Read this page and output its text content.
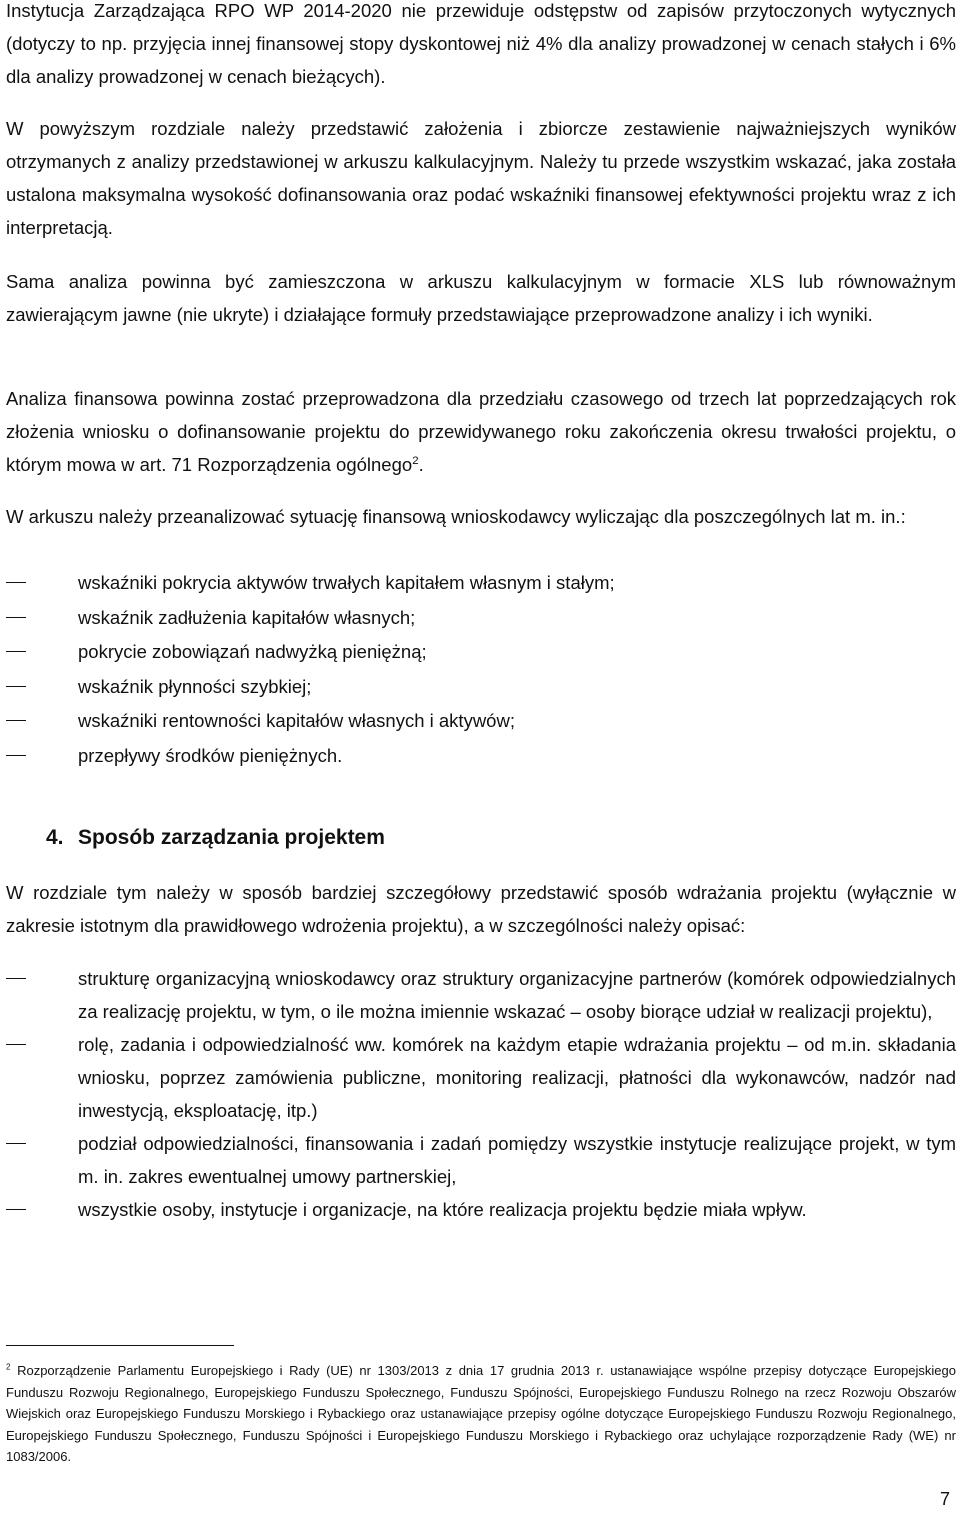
Instytucja Zarządzająca RPO WP 2014-2020 nie przewiduje odstępstw od zapisów przytoczonych wytycznych (dotyczy to np. przyjęcia innej finansowej stopy dyskontowej niż 4% dla analizy prowadzonej w cenach stałych i 6% dla analizy prowadzonej w cenach bieżących).

W powyższym rozdziale należy przedstawić założenia i zbiorcze zestawienie najważniejszych wyników otrzymanych z analizy przedstawionej w arkuszu kalkulacyjnym. Należy tu przede wszystkim wskazać, jaka została ustalona maksymalna wysokość dofinansowania oraz podać wskaźniki finansowej efektywności projektu wraz z ich interpretacją.

Sama analiza powinna być zamieszczona w arkuszu kalkulacyjnym w formacie XLS lub równoważnym zawierającym jawne (nie ukryte) i działające formuły przedstawiające przeprowadzone analizy i ich wyniki.

Analiza finansowa powinna zostać przeprowadzona dla przedziału czasowego od trzech lat poprzedzających rok złożenia wniosku o dofinansowanie projektu do przewidywanego roku zakończenia okresu trwałości projektu, o którym mowa w art. 71 Rozporządzenia ogólnego$^2$.

W arkuszu należy przeanalizować sytuację finansową wnioskodawcy wyliczając dla poszczególnych lat m. in.:

wskaźniki pokrycia aktywów trwałych kapitałem własnym i stałym;
wskaźnik zadłużenia kapitałów własnych;
pokrycie zobowiązań nadwyżką pieniężną;
wskaźnik płynności szybkiej;
wskaźniki rentowności kapitałów własnych i aktywów;
przepływy środków pieniężnych.
4. Sposób zarządzania projektem

W rozdziale tym należy w sposób bardziej szczegółowy przedstawić sposób wdrażania projektu (wyłącznie w zakresie istotnym dla prawidłowego wdrożenia projektu), a w szczególności należy opisać:

strukturę organizacyjną wnioskodawcy oraz struktury organizacyjne partnerów (komórek odpowiedzialnych za realizację projektu, w tym, o ile można imiennie wskazać – osoby biorące udział w realizacji projektu),
rolę, zadania i odpowiedzialność ww. komórek na każdym etapie wdrażania projektu – od m.in. składania wniosku, poprzez zamówienia publiczne, monitoring realizacji, płatności dla wykonawców, nadzór nad inwestycją, eksploatację, itp.)
podział odpowiedzialności, finansowania i zadań pomiędzy wszystkie instytucje realizujące projekt, w tym m. in. zakres ewentualnej umowy partnerskiej,
wszystkie osoby, instytucje i organizacje, na które realizacja projektu będzie miała wpływ.

$^2$ Rozporządzenie Parlamentu Europejskiego i Rady (UE) nr 1303/2013 z dnia 17 grudnia 2013 r. ustanawiające wspólne przepisy dotyczące Europejskiego Funduszu Rozwoju Regionalnego, Europejskiego Funduszu Społecznego, Funduszu Spójności, Europejskiego Funduszu Rolnego na rzecz Rozwoju Obszarów Wiejskich oraz Europejskiego Funduszu Morskiego i Rybackiego oraz ustanawiające przepisy ogólne dotyczące Europejskiego Funduszu Rozwoju Regionalnego, Europejskiego Funduszu Społecznego, Funduszu Spójności i Europejskiego Funduszu Morskiego i Rybackiego oraz uchylające rozporządzenie Rady (WE) nr 1083/2006.

7
